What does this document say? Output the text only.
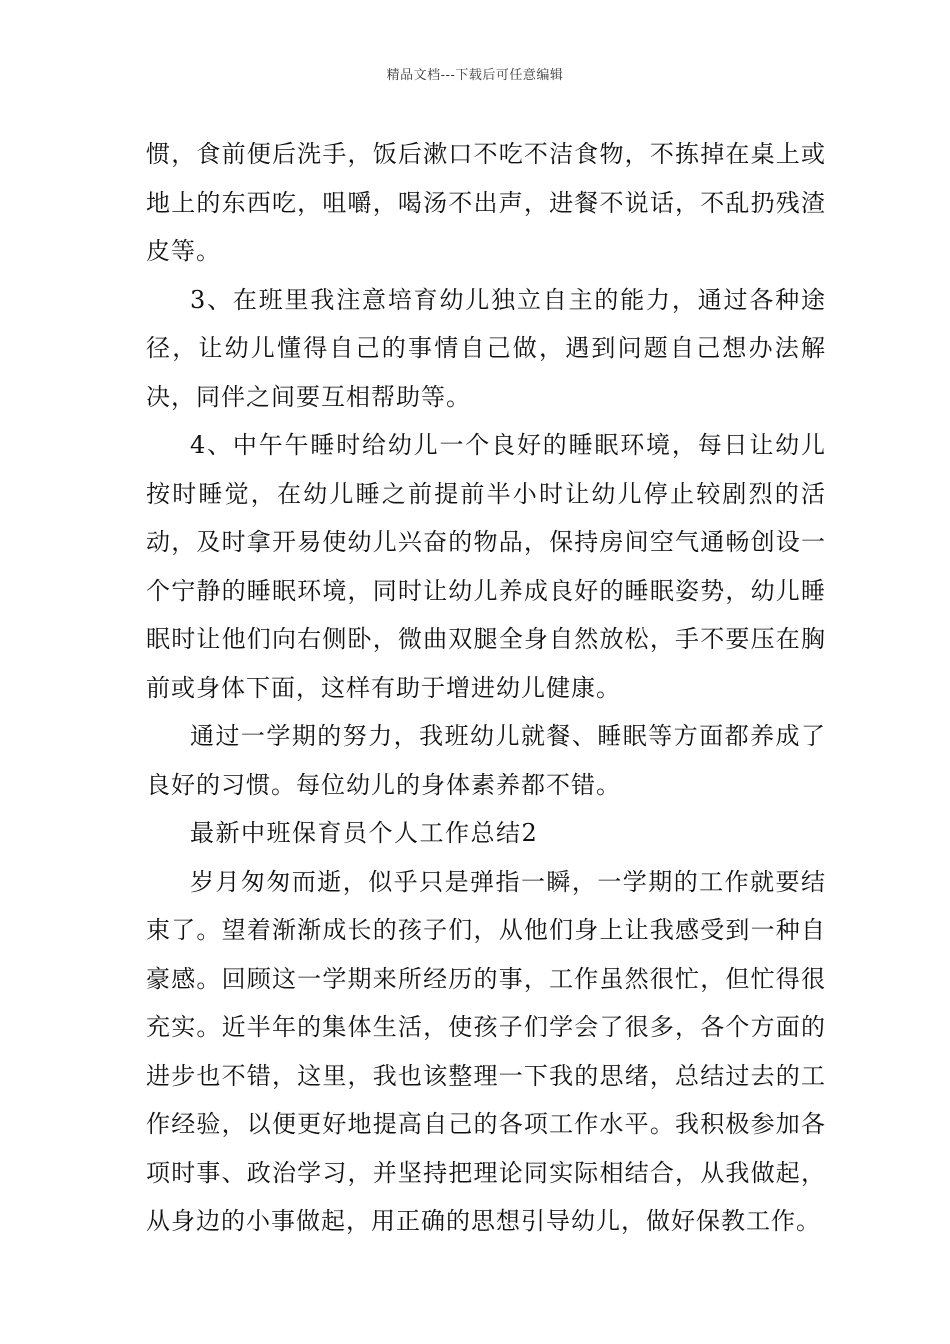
精品文档---下载后可任意编辑

惯，食前便后洗手，饭后漱口不吃不洁食物，不拣掉在桌上或地上的东西吃，咀嚼，喝汤不出声，进餐不说话，不乱扔残渣皮等。

3、在班里我注意培育幼儿独立自主的能力，通过各种途径，让幼儿懂得自己的事情自己做，遇到问题自己想办法解决，同伴之间要互相帮助等。

4、中午午睡时给幼儿一个良好的睡眠环境，每日让幼儿按时睡觉，在幼儿睡之前提前半小时让幼儿停止较剧烈的活动，及时拿开易使幼儿兴奋的物品，保持房间空气通畅创设一个宁静的睡眠环境，同时让幼儿养成良好的睡眠姿势，幼儿睡眠时让他们向右侧卧，微曲双腿全身自然放松，手不要压在胸前或身体下面，这样有助于增进幼儿健康。

通过一学期的努力，我班幼儿就餐、睡眠等方面都养成了良好的习惯。每位幼儿的身体素养都不错。

最新中班保育员个人工作总结2

岁月匆匆而逝，似乎只是弹指一瞬，一学期的工作就要结束了。望着渐渐成长的孩子们，从他们身上让我感受到一种自豪感。回顾这一学期来所经历的事，工作虽然很忙，但忙得很充实。近半年的集体生活，使孩子们学会了很多，各个方面的进步也不错，这里，我也该整理一下我的思绪，总结过去的工作经验，以便更好地提高自己的各项工作水平。我积极参加各项时事、政治学习，并坚持把理论同实际相结合，从我做起，从身边的小事做起，用正确的思想引导幼儿，做好保教工作。
